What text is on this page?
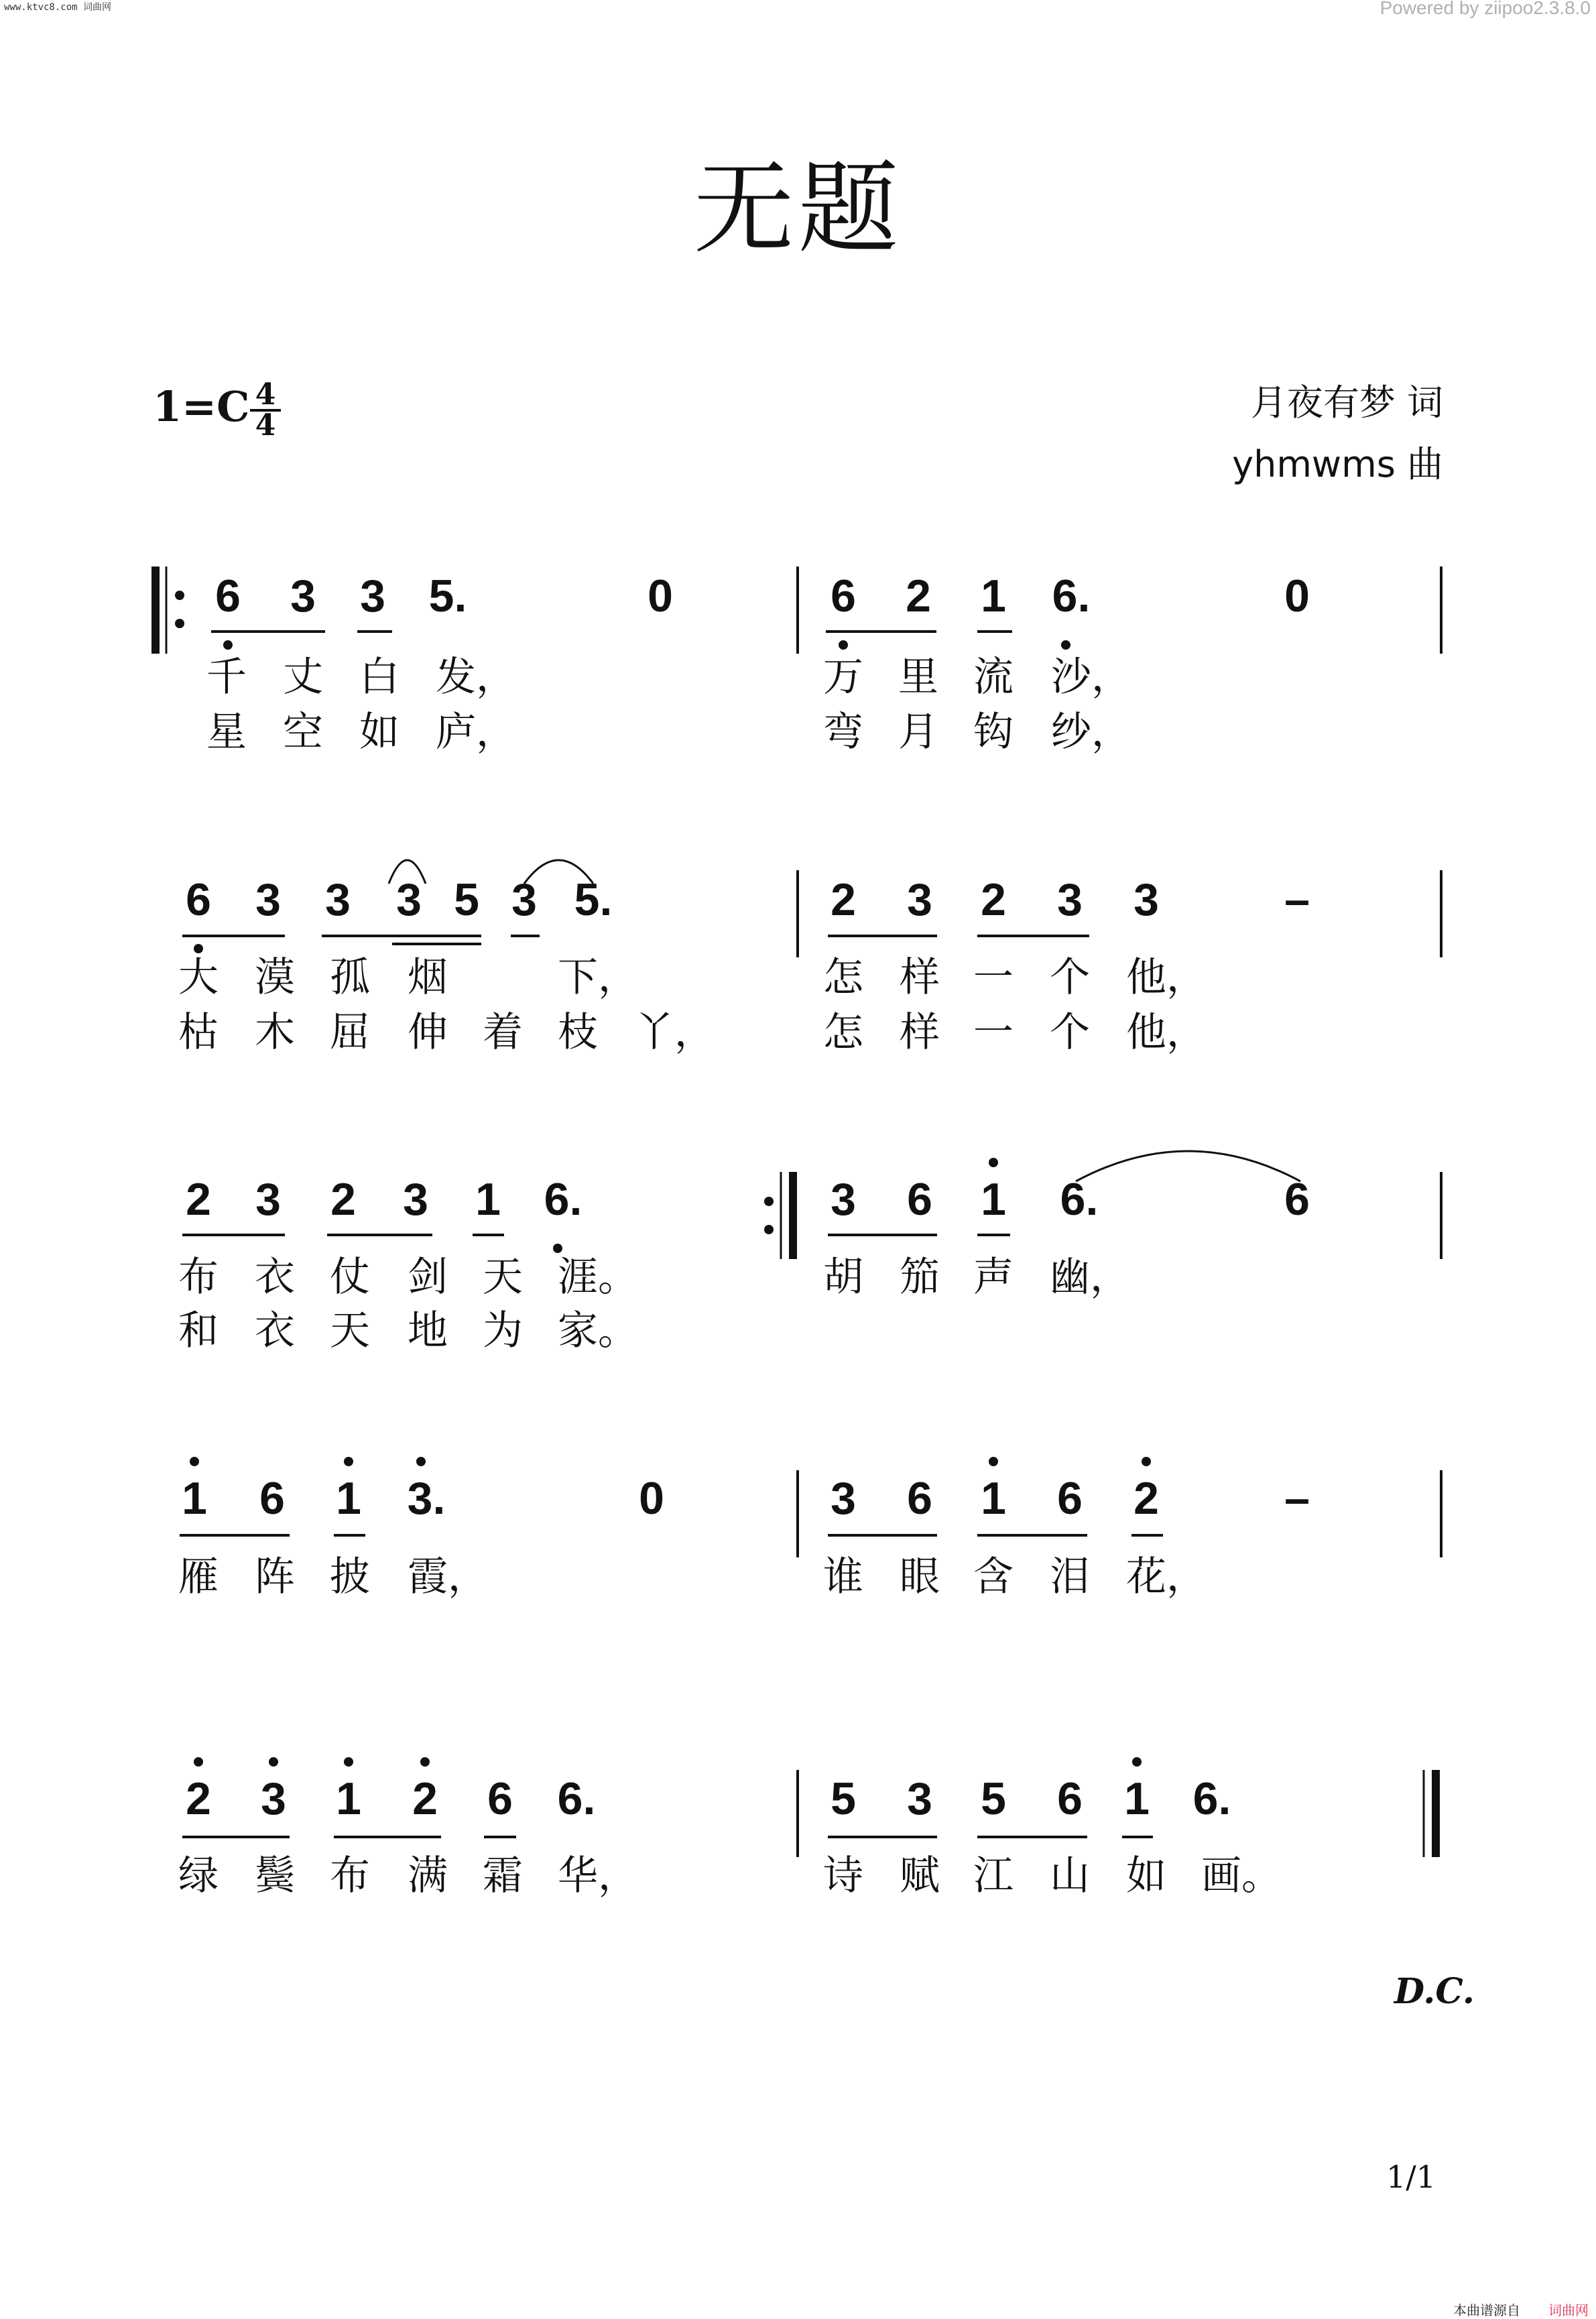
www.ktvc8.com 词曲网	Powered by ziipoo2.3.8.0
无题
1=C 4
4
月夜有梦 词
yhmwms 曲
6 3 3 5.	0	6 2 1 6.	0
千 丈 白 发，	万 里 流 沙，
星 空 如 庐，	弯 月 钩 纱，
6 3 3 3 5 3 5.	2 3 2 3 3	–
大 漠 孤 烟	下，	怎 样 一 个 他，
枯 木 屈 伸 着 枝 丫，	怎 样 一 个 他，
2 3 2 3 1 6.	3 6 1 6.	6
布 衣 仗 剑 天 涯。	胡 笳 声 幽，
和 衣 天 地 为 家。
1 6 1 3.	0	3 6 1 6 2	–
雁 阵 披 霞，	谁 眼 含 泪 花，
2 3 1 2 6 6.	5 3 5 6 1 6.
绿 鬓 布 满 霜 华，	诗 赋 江 山 如 画。
D.C.
1/1
本曲谱源自 词曲网
